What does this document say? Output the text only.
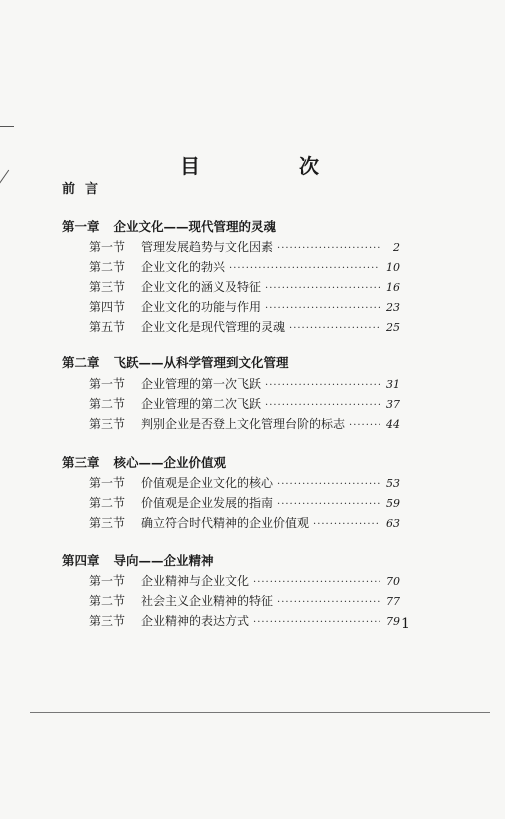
目 次
前言
第一章 企业文化——现代管理的灵魂
第一节	管理发展趋势与文化因素 ·····	2
第二节	企业文化的勃兴 ·····	10
第三节	企业文化的涵义及特征 ·····	16
第四节	企业文化的功能与作用 ·····	23
第五节	企业文化是现代管理的灵魂 ·····	25
第二章 飞跃——从科学管理到文化管理
第一节	企业管理的第一次飞跃 ·····	31
第二节	企业管理的第二次飞跃 ·····	37
第三节	判别企业是否登上文化管理台阶的标志 ·····	44
第三章 核心——企业价值观
第一节	价值观是企业文化的核心 ·····	53
第二节	价值观是企业发展的指南 ·····	59
第三节	确立符合时代精神的企业价值观 ·····	63
第四章 导向——企业精神
第一节	企业精神与企业文化 ·····	70
第二节	社会主义企业精神的特征 ·····	77
第三节	企业精神的表达方式 ·····	79 1
